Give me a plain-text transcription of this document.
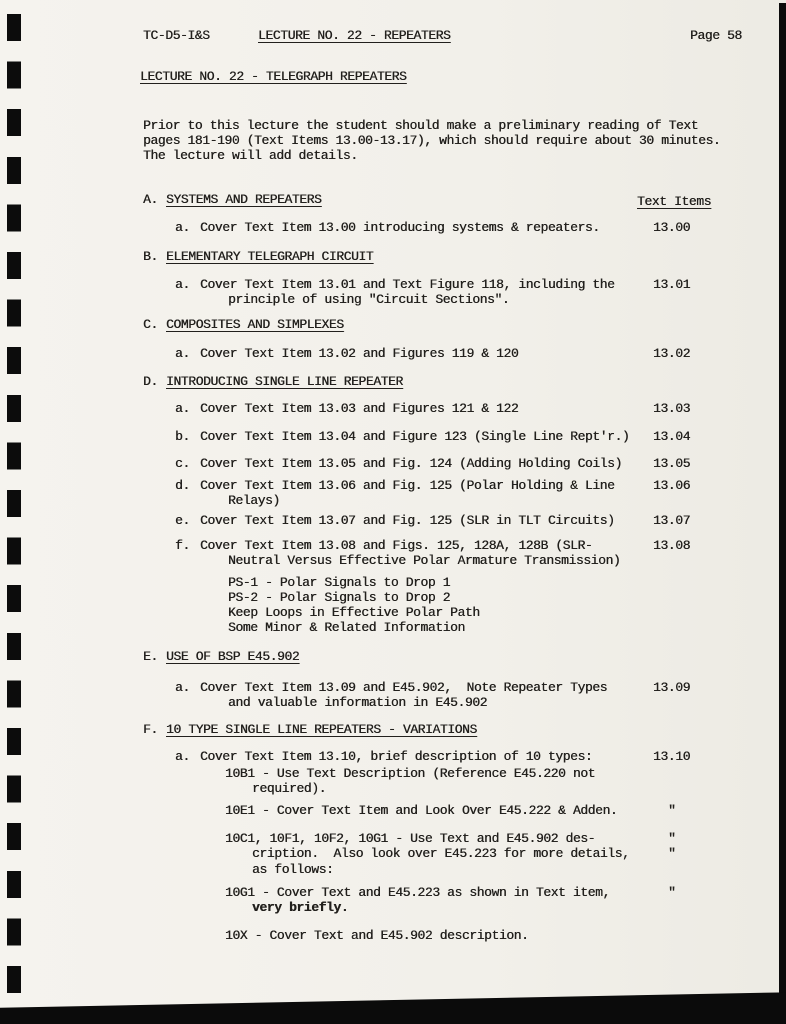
TC-D5-I&S	LECTURE NO. 22 - REPEATERS	Page 58
LECTURE NO. 22 - TELEGRAPH REPEATERS
Prior to this lecture the student should make a preliminary reading of Text
pages 181-190 (Text Items 13.00-13.17), which should require about 30 minutes.
The lecture will add details.
A. SYSTEMS AND REPEATERS	Text Items
a. Cover Text Item 13.00 introducing systems & repeaters.	13.00
B. ELEMENTARY TELEGRAPH CIRCUIT
a. Cover Text Item 13.01 and Text Figure 118, including the	13.01
principle of using "Circuit Sections".
C. COMPOSITES AND SIMPLEXES
a. Cover Text Item 13.02 and Figures 119 & 120	13.02
D. INTRODUCING SINGLE LINE REPEATER
a. Cover Text Item 13.03 and Figures 121 & 122	13.03
b. Cover Text Item 13.04 and Figure 123 (Single Line Rept'r.) 13.04
c. Cover Text Item 13.05 and Fig. 124 (Adding Holding Coils) 13.05
d. Cover Text Item 13.06 and Fig. 125 (Polar Holding & Line	13.06
Relays)
e. Cover Text Item 13.07 and Fig. 125 (SLR in TLT Circuits)	13.07
f. Cover Text Item 13.08 and Figs. 125, 128A, 128B (SLR-	13.08
Neutral Versus Effective Polar Armature Transmission)
PS-1 - Polar Signals to Drop 1
PS-2 - Polar Signals to Drop 2
Keep Loops in Effective Polar Path
Some Minor & Related Information
E. USE OF BSP E45.902
a. Cover Text Item 13.09 and E45.902,  Note Repeater Types	13.09
and valuable information in E45.902
F. 10 TYPE SINGLE LINE REPEATERS - VARIATIONS
a. Cover Text Item 13.10, brief description of 10 types:	13.10
10B1 - Use Text Description (Reference E45.220 not
required).
10E1 - Cover Text Item and Look Over E45.222 & Adden.	"
10C1, 10F1, 10F2, 10G1 - Use Text and E45.902 des-	"
cription.  Also look over E45.223 for more details,	"
as follows:
10G1 - Cover Text and E45.223 as shown in Text item,	"
very briefly.
10X - Cover Text and E45.902 description.
